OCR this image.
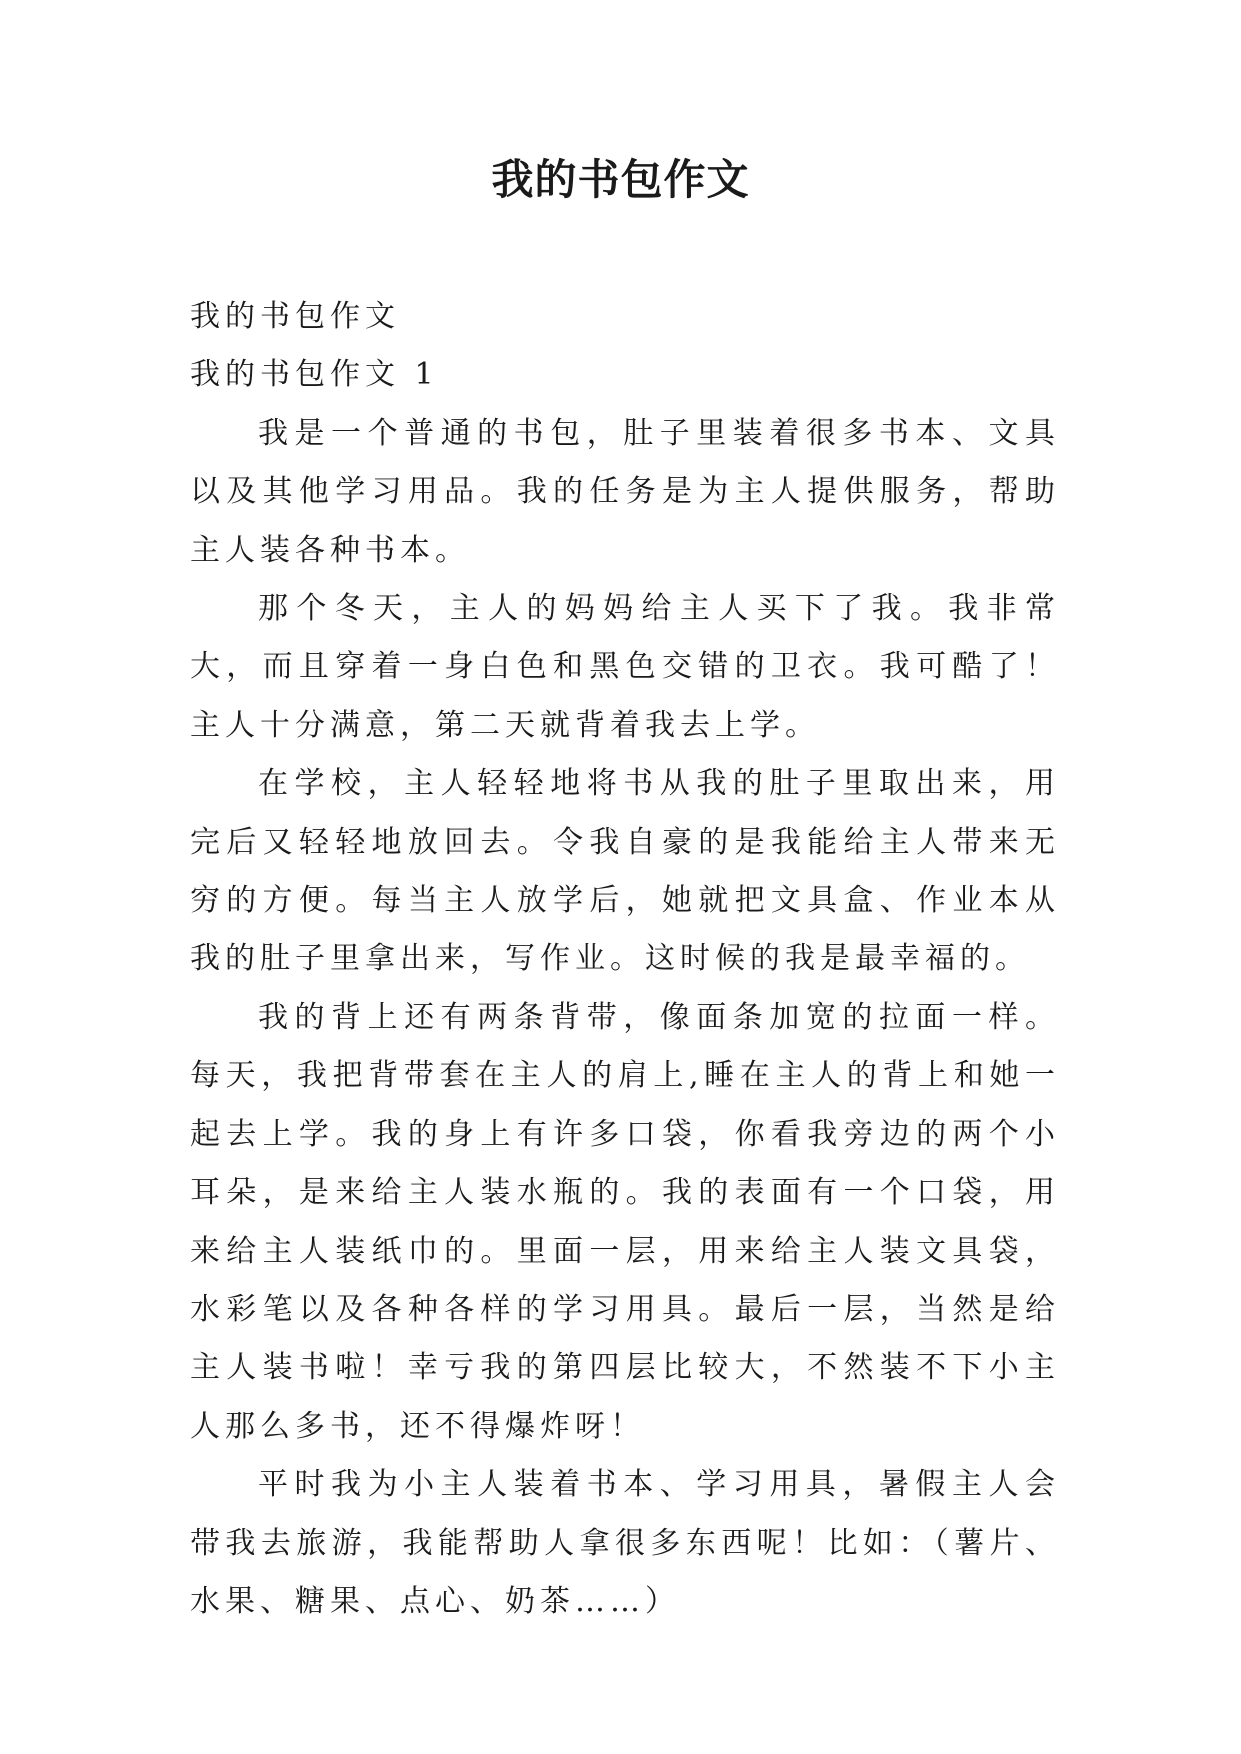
我的书包作文

我的书包作文

我的书包作文 1

我是一个普通的书包，肚子里装着很多书本、文具以及其他学习用品。我的任务是为主人提供服务，帮助主人装各种书本。

那个冬天，主人的妈妈给主人买下了我。我非常大，而且穿着一身白色和黑色交错的卫衣。我可酷了！主人十分满意，第二天就背着我去上学。

在学校，主人轻轻地将书从我的肚子里取出来，用完后又轻轻地放回去。令我自豪的是我能给主人带来无穷的方便。每当主人放学后，她就把文具盒、作业本从我的肚子里拿出来，写作业。这时候的我是最幸福的。

我的背上还有两条背带，像面条加宽的拉面一样。每天，我把背带套在主人的肩上,睡在主人的背上和她一起去上学。我的身上有许多口袋，你看我旁边的两个小耳朵，是来给主人装水瓶的。我的表面有一个口袋，用来给主人装纸巾的。里面一层，用来给主人装文具袋，水彩笔以及各种各样的学习用具。最后一层，当然是给主人装书啦！幸亏我的第四层比较大，不然装不下小主人那么多书，还不得爆炸呀！

平时我为小主人装着书本、学习用具，暑假主人会带我去旅游，我能帮助人拿很多东西呢！比如：（薯片、水果、糖果、点心、奶茶……）
